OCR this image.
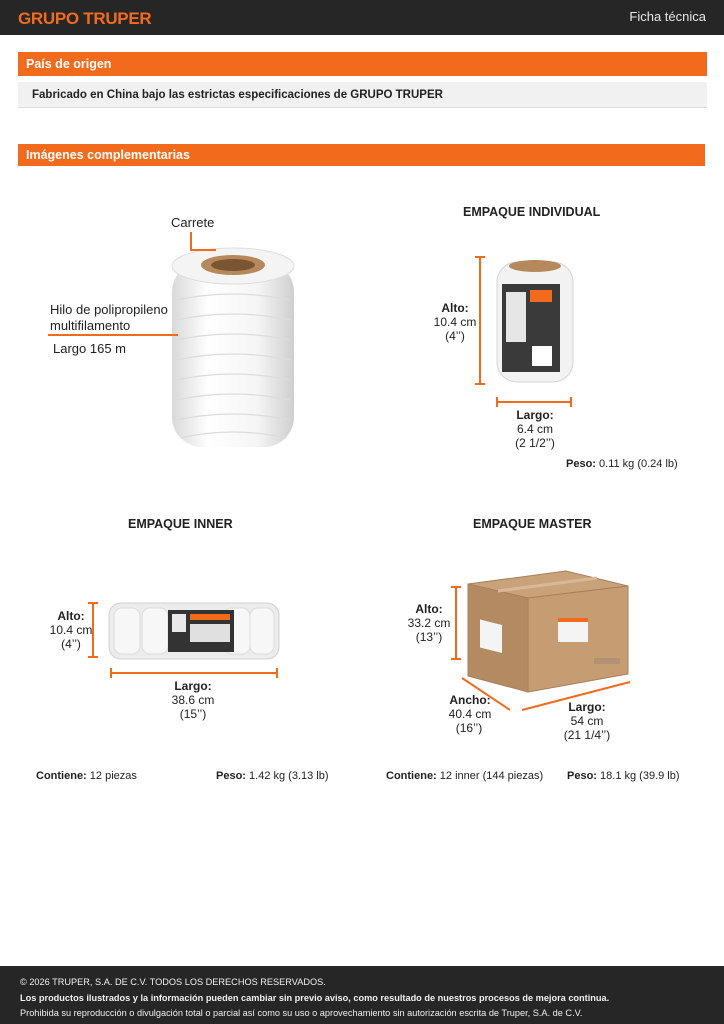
GRUPO TRUPER	Ficha técnica
País de origen
Fabricado en China bajo las estrictas especificaciones de GRUPO TRUPER
Imágenes complementarias
Carrete
Hilo de polipropileno
multifilamento
Largo 165 m
EMPAQUE INDIVIDUAL
Alto:
10.4 cm
(4’’)
Largo:
6.4 cm
(2 1/2’’)
Peso: 0.11 kg (0.24 lb)
EMPAQUE INNER
Alto:
10.4 cm
(4’’)
Largo:
38.6 cm
(15’’)
Contiene: 12 piezas	Peso: 1.42 kg (3.13 lb)
EMPAQUE MASTER
Alto:
33.2 cm
(13’’)
Ancho:
40.4 cm
(16’’)
Largo:
54 cm
(21 1/4’’)
Contiene: 12 inner (144 piezas) Peso: 18.1 kg (39.9 lb)
© 2026 TRUPER, S.A. DE C.V. TODOS LOS DERECHOS RESERVADOS.
Los productos ilustrados y la información pueden cambiar sin previo aviso, como resultado de nuestros procesos de mejora continua.
Prohibida su reproducción o divulgación total o parcial así como su uso o aprovechamiento sin autorización escrita de Truper, S.A. de C.V.
